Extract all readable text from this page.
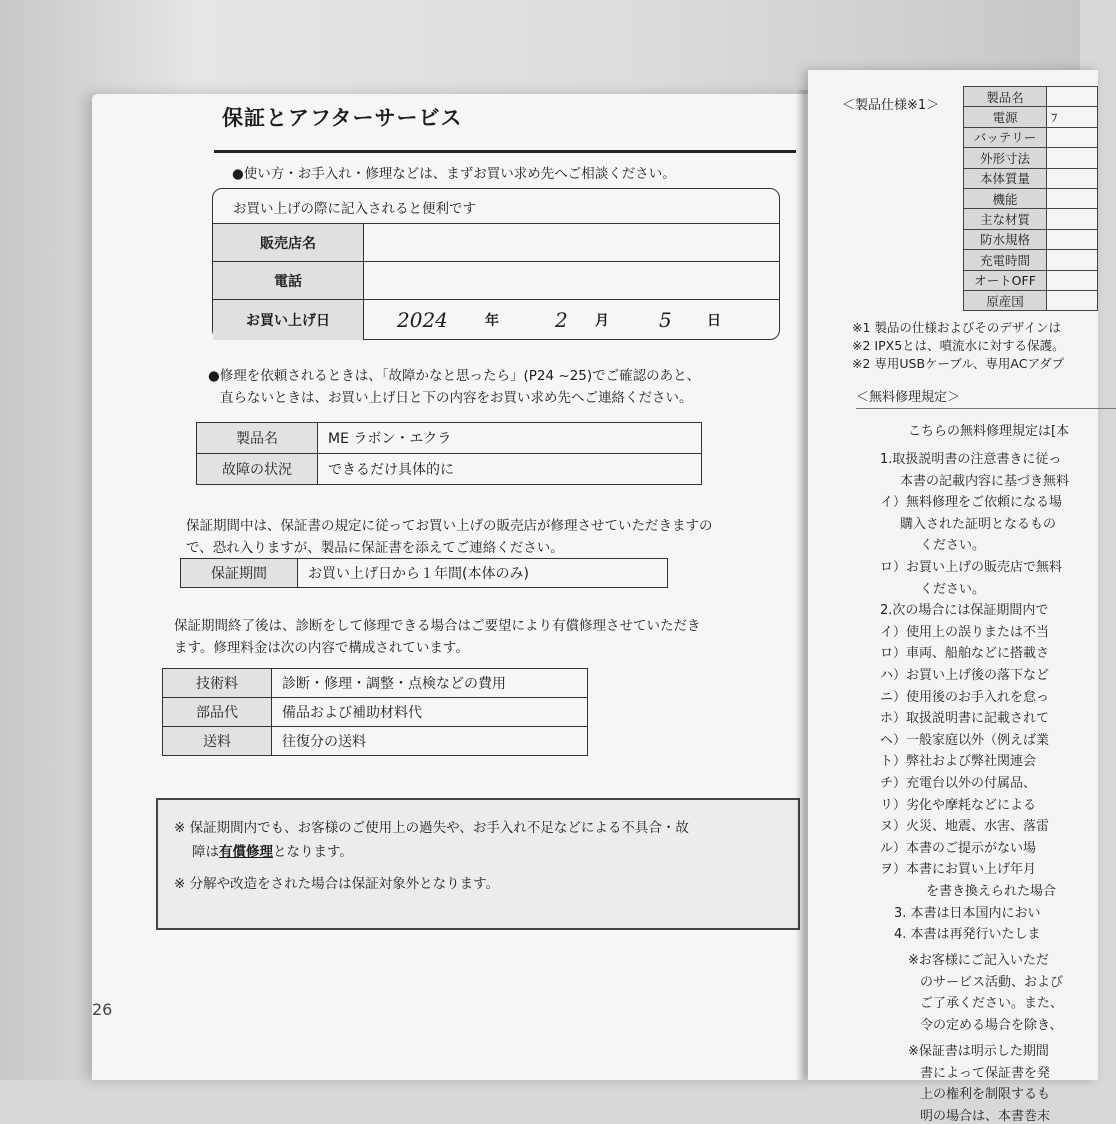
保証とアフターサービス
●使い方・お手入れ・修理などは、まずお買い求め先へご相談ください。
お買い上げの際に記入されると便利です
販売店名
電話
お買い上げ日	2024	年	2 月	5	日
●修理を依頼されるときは、「故障かなと思ったら」(P24 ~25)でご確認のあと、
直らないときは、お買い上げ日と下の内容をお買い求め先へご連絡ください。
製品名	ME ラボン・エクラ
故障の状況	できるだけ具体的に
保証期間中は、保証書の規定に従ってお買い上げの販売店が修理させていただきますの
で、恐れ入りますが、製品に保証書を添えてご連絡ください。
保証期間	お買い上げ日から１年間(本体のみ)
保証期間終了後は、診断をして修理できる場合はご要望により有償修理させていただき
ます。修理料金は次の内容で構成されています。
技術料	診断・修理・調整・点検などの費用
部品代	備品および補助材料代
送料	往復分の送料
※ 保証期間内でも、お客様のご使用上の過失や、お手入れ不足などによる不具合・故
障は有償修理となります。
※ 分解や改造をされた場合は保証対象外となります。
26
＜製品仕様※1＞
製品名	
電源	ﾌ
バッテリー	
外形寸法	
本体質量	
機能	
主な材質	
防水規格	
充電時間	
オートOFF	
原産国	
※1 製品の仕様およびそのデザインは
※2 IPX5とは、噴流水に対する保護。
※2 専用USBケーブル、専用ACアダプ
＜無料修理規定＞
こちらの無料修理規定は[本
1.取扱説明書の注意書きに従っ
本書の記載内容に基づき無料
イ）無料修理をご依頼になる場
購入された証明となるもの
ください。
ロ）お買い上げの販売店で無料
ください。
2.次の場合には保証期間内で
イ）使用上の誤りまたは不当
ロ）車両、船舶などに搭載さ
ハ）お買い上げ後の落下など
ニ）使用後のお手入れを怠っ
ホ）取扱説明書に記載されて
ヘ）一般家庭以外（例えば業
ト）弊社および弊社関連会
チ）充電台以外の付属品、
リ）劣化や摩耗などによる
ヌ）火災、地震、水害、落雷
ル）本書のご提示がない場
ヲ）本書にお買い上げ年月
を書き換えられた場合
3. 本書は日本国内におい
4. 本書は再発行いたしま
※お客様にご記入いただ
のサービス活動、および
ご了承ください。また、
令の定める場合を除き、
※保証書は明示した期間
書によって保証書を発
上の権利を制限するも
明の場合は、本書巻末
